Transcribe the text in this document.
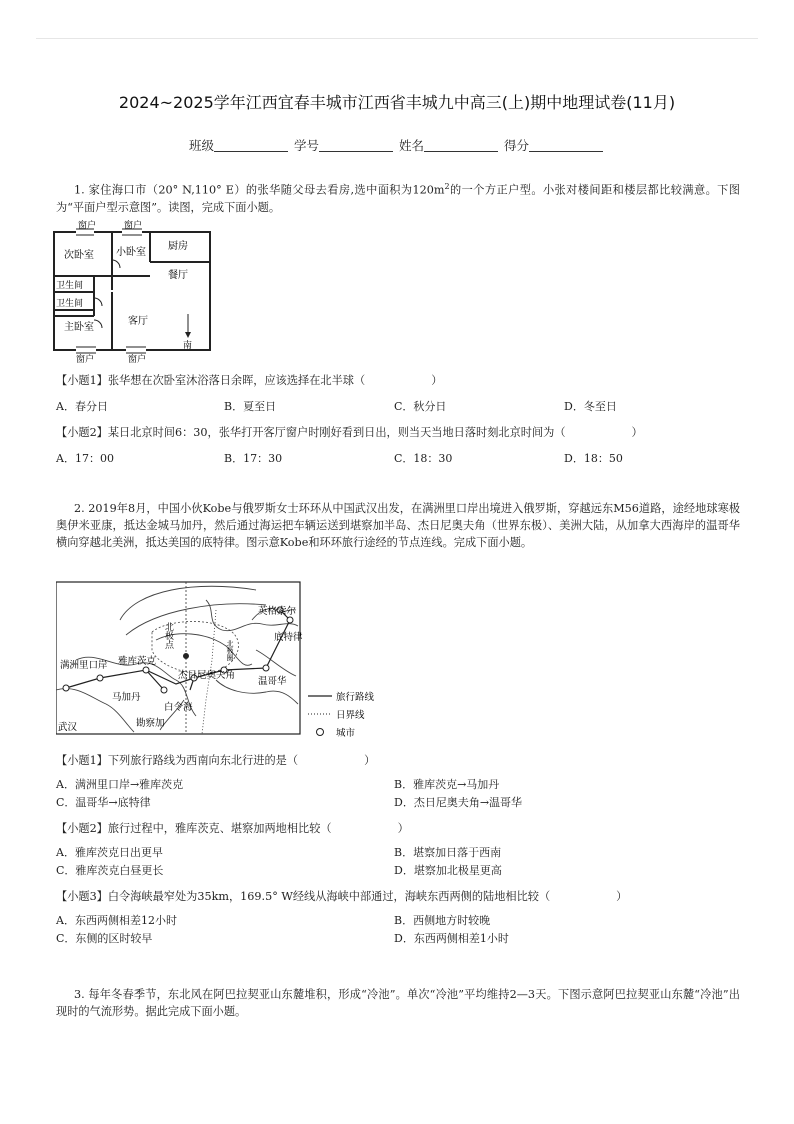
2024~2025学年江西宜春丰城市江西省丰城九中高三(上)期中地理试卷(11月)
班级	学号	姓名	得分
1. 家住海口市（20° N,110° E）的张华随父母去看房,选中面积为$120m^2$的一个方正户型。小张对楼间距和楼层都比较满意。下图为“平面户型示意图”。读图，完成下面小题。
窗户	窗户
次卧室 小卧室
厨房
餐厅
卫生间
卫生间
主卧室
客厅
南
窗户	窗户
【小题1】张华想在次卧室沐浴落日余晖，应该选择在北半球（	）
A．春分日	B．夏至日	C．秋分日	D．冬至日
【小题2】某日北京时间6：30，张华打开客厅窗户时刚好看到日出，则当天当地日落时刻北京时间为（	）
A．17：00	B．17：30	C．18：30	D．18：50
2. 2019年8月，中国小伙Kobe与俄罗斯女士环环从中国武汉出发，在满洲里口岸出境进入俄罗斯，穿越远东M56道路，途经地球寒极奥伊米亚康，抵达金城马加丹，然后通过海运把车辆运送到堪察加半岛、杰日尼奥夫角（世界东极）、美洲大陆，从加拿大西海岸的温哥华横向穿越北美洲，抵达美国的底特律。图示意Kobe和环环旅行途经的节点连线。完成下面小题。
北极点
北极圈
英格索尔
底特律
满洲里口岸 雅库茨克
杰日尼奥夫角
温哥华
马加丹
白令海
武汉	勘察加
旅行路线
日界线
城市
【小题1】下列旅行路线为西南向东北行进的是（	）
A．满洲里口岸→雅库茨克	B．雅库茨克→马加丹
C．温哥华→底特律	D．杰日尼奥夫角→温哥华
【小题2】旅行过程中，雅库茨克、堪察加两地相比较（	）
A．雅库茨克日出更早	B．堪察加日落于西南
C．雅库茨克白昼更长	D．堪察加北极星更高
【小题3】白令海峡最窄处为35km，169.5° W经线从海峡中部通过，海峡东西两侧的陆地相比较（	）
A．东西两侧相差12小时	B．西侧地方时较晚
C．东侧的区时较早	D．东西两侧相差1小时
3. 每年冬春季节，东北风在阿巴拉契亚山东麓堆积，形成“冷池”。单次“冷池”平均维持2—3天。下图示意阿巴拉契亚山东麓“冷池”出现时的气流形势。据此完成下面小题。
